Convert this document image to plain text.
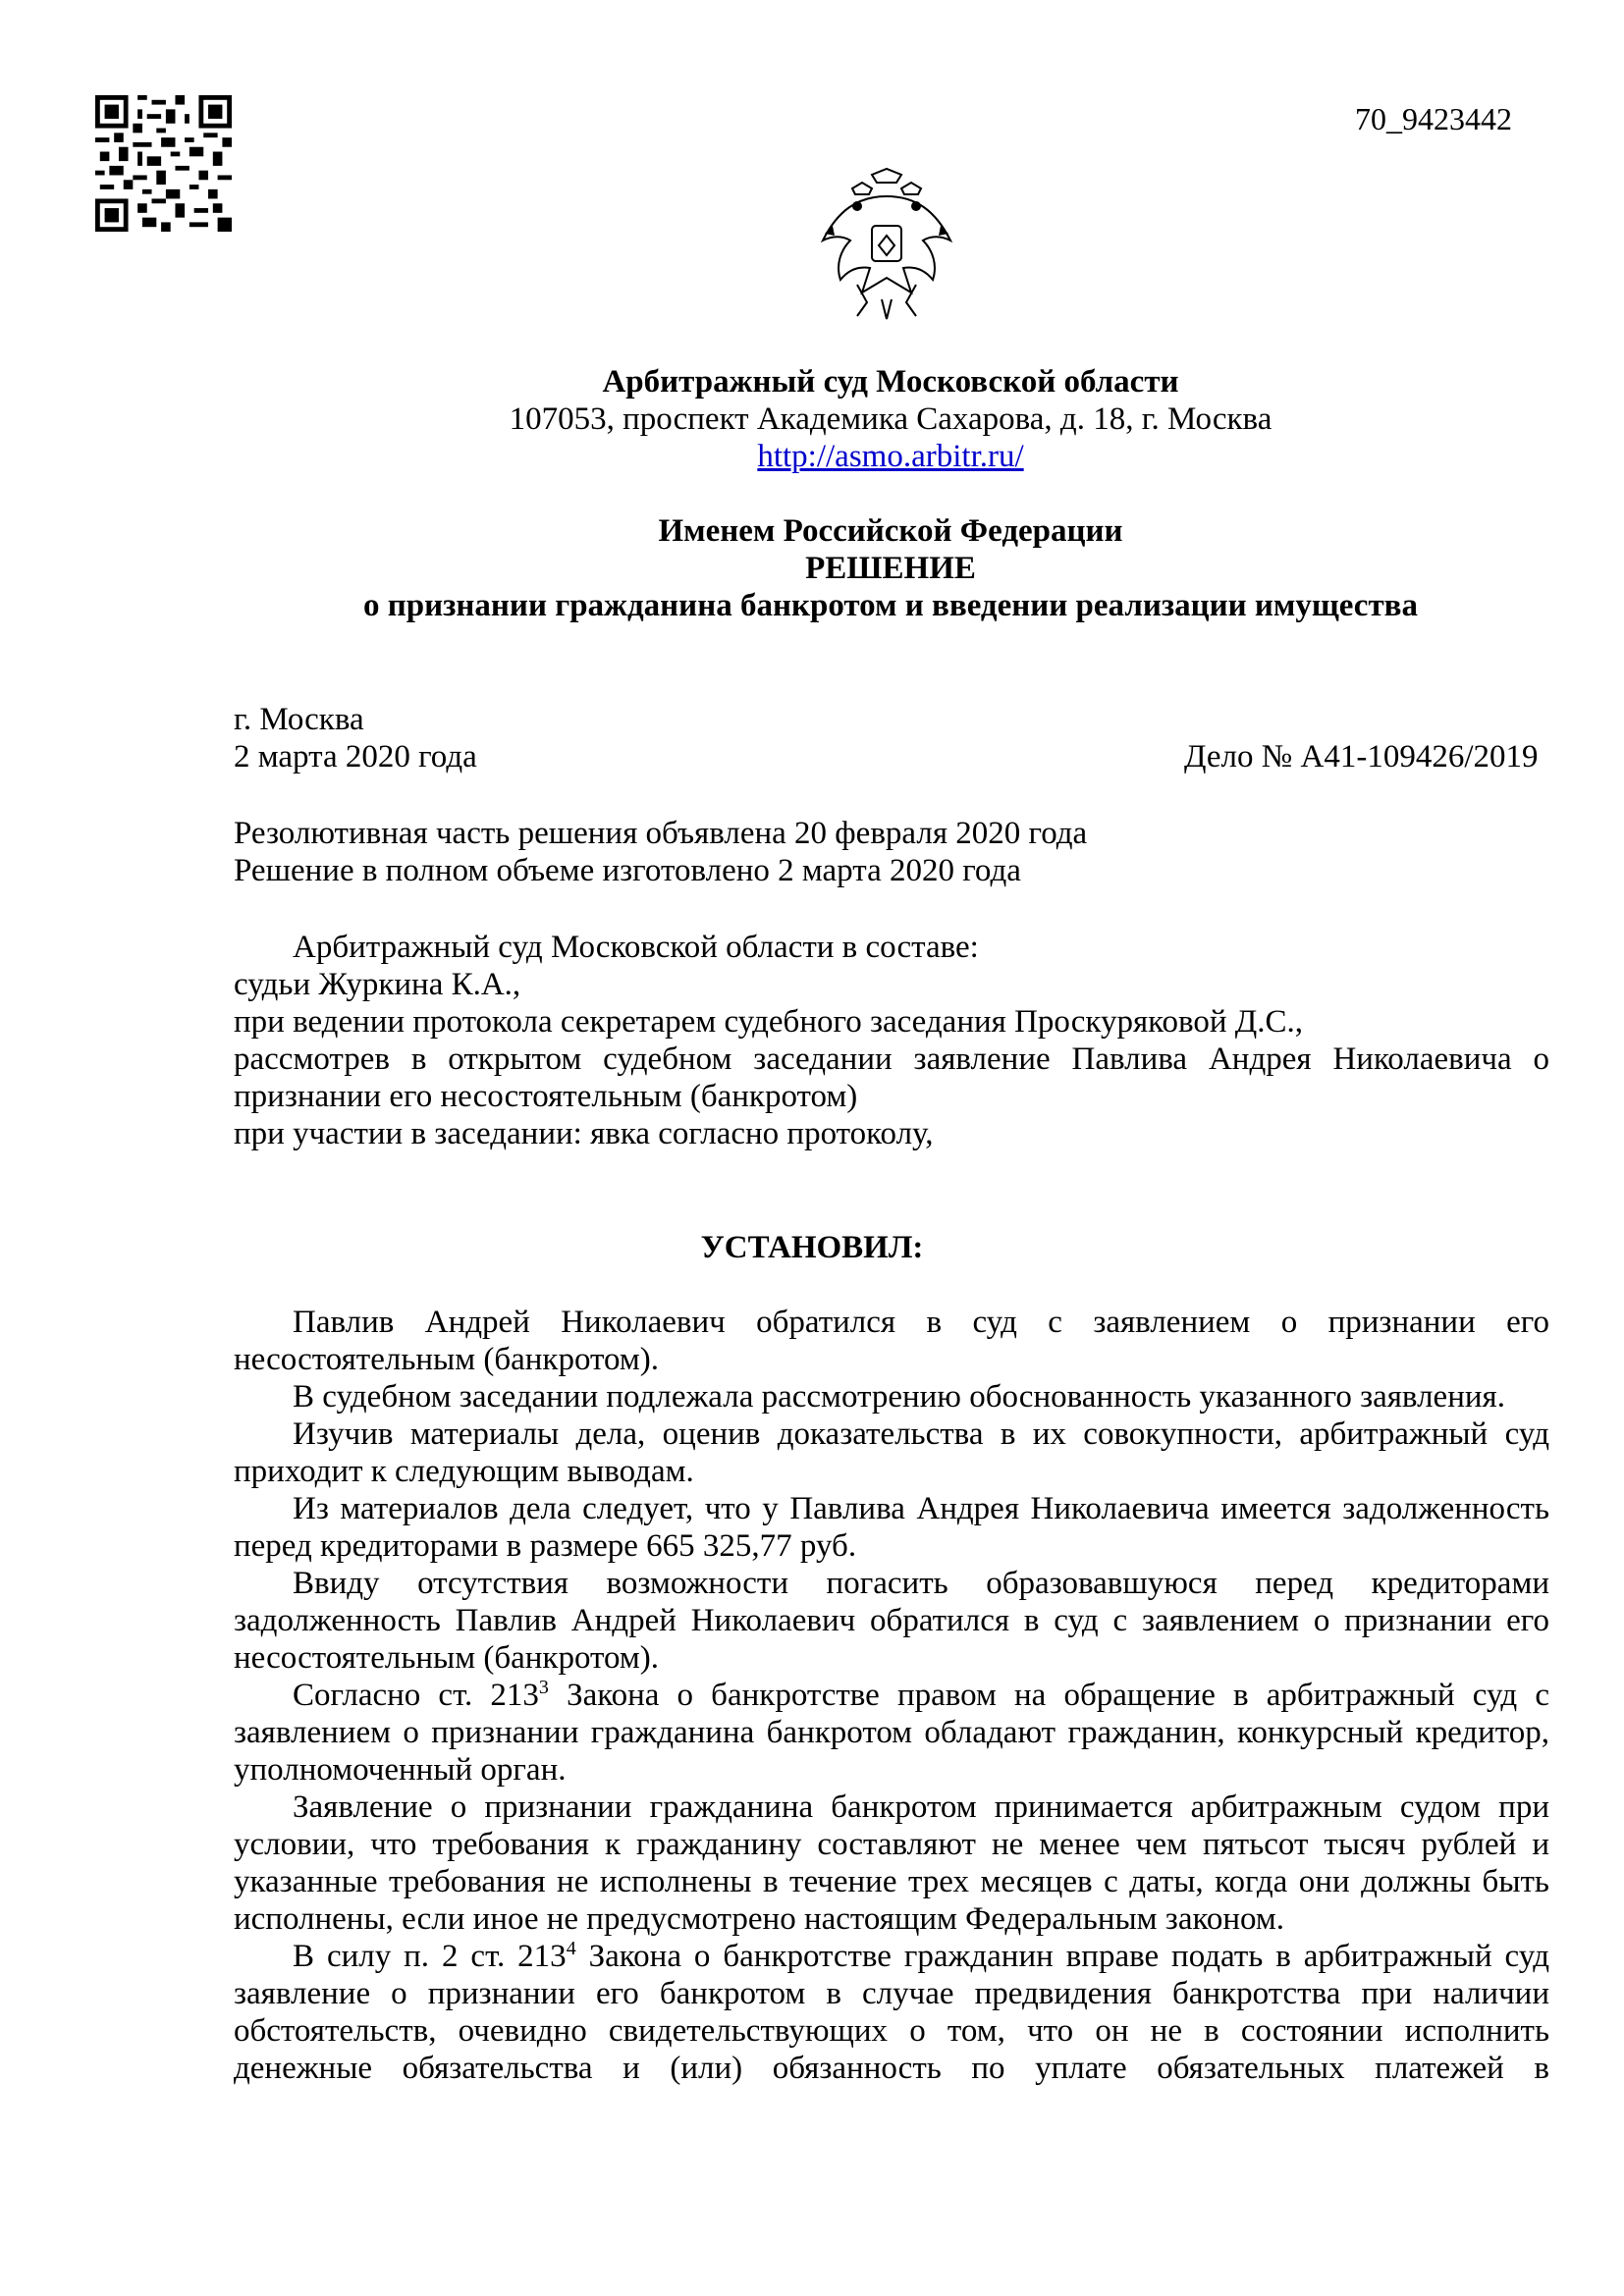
70_9423442
Арбитражный суд Московской области
107053, проспект Академика Сахарова, д. 18, г. Москва
http://asmo.arbitr.ru/
Именем Российской Федерации
РЕШЕНИЕ
о признании гражданина банкротом и введении реализации имущества
г. Москва
2 марта 2020 года	Дело № А41-109426/2019
Резолютивная часть решения объявлена 20 февраля 2020 года
Решение в полном объеме изготовлено 2 марта 2020 года
Арбитражный суд Московской области в составе:
судьи Журкина К.А.,
при ведении протокола секретарем судебного заседания Проскуряковой Д.С.,
рассмотрев в открытом судебном заседании заявление Павлива Андрея Николаевича о признании его несостоятельным (банкротом)
при участии в заседании: явка согласно протоколу,
УСТАНОВИЛ:
Павлив Андрей Николаевич обратился в суд с заявлением о признании его несостоятельным (банкротом).
В судебном заседании подлежала рассмотрению обоснованность указанного заявления.
Изучив материалы дела, оценив доказательства в их совокупности, арбитражный суд приходит к следующим выводам.
Из материалов дела следует, что у Павлива Андрея Николаевича имеется задолженность перед кредиторами в размере 665 325,77 руб.
Ввиду отсутствия возможности погасить образовавшуюся перед кредиторами задолженность Павлив Андрей Николаевич обратился в суд с заявлением о признании его несостоятельным (банкротом).
Согласно ст. $213^3$ Закона о банкротстве правом на обращение в арбитражный суд с заявлением о признании гражданина банкротом обладают гражданин, конкурсный кредитор, уполномоченный орган.
Заявление о признании гражданина банкротом принимается арбитражным судом при условии, что требования к гражданину составляют не менее чем пятьсот тысяч рублей и указанные требования не исполнены в течение трех месяцев с даты, когда они должны быть исполнены, если иное не предусмотрено настоящим Федеральным законом.
В силу п. 2 ст. $213^4$ Закона о банкротстве гражданин вправе подать в арбитражный суд заявление о признании его банкротом в случае предвидения банкротства при наличии обстоятельств, очевидно свидетельствующих о том, что он не в состоянии исполнить денежные обязательства и (или) обязанность по уплате обязательных платежей в
